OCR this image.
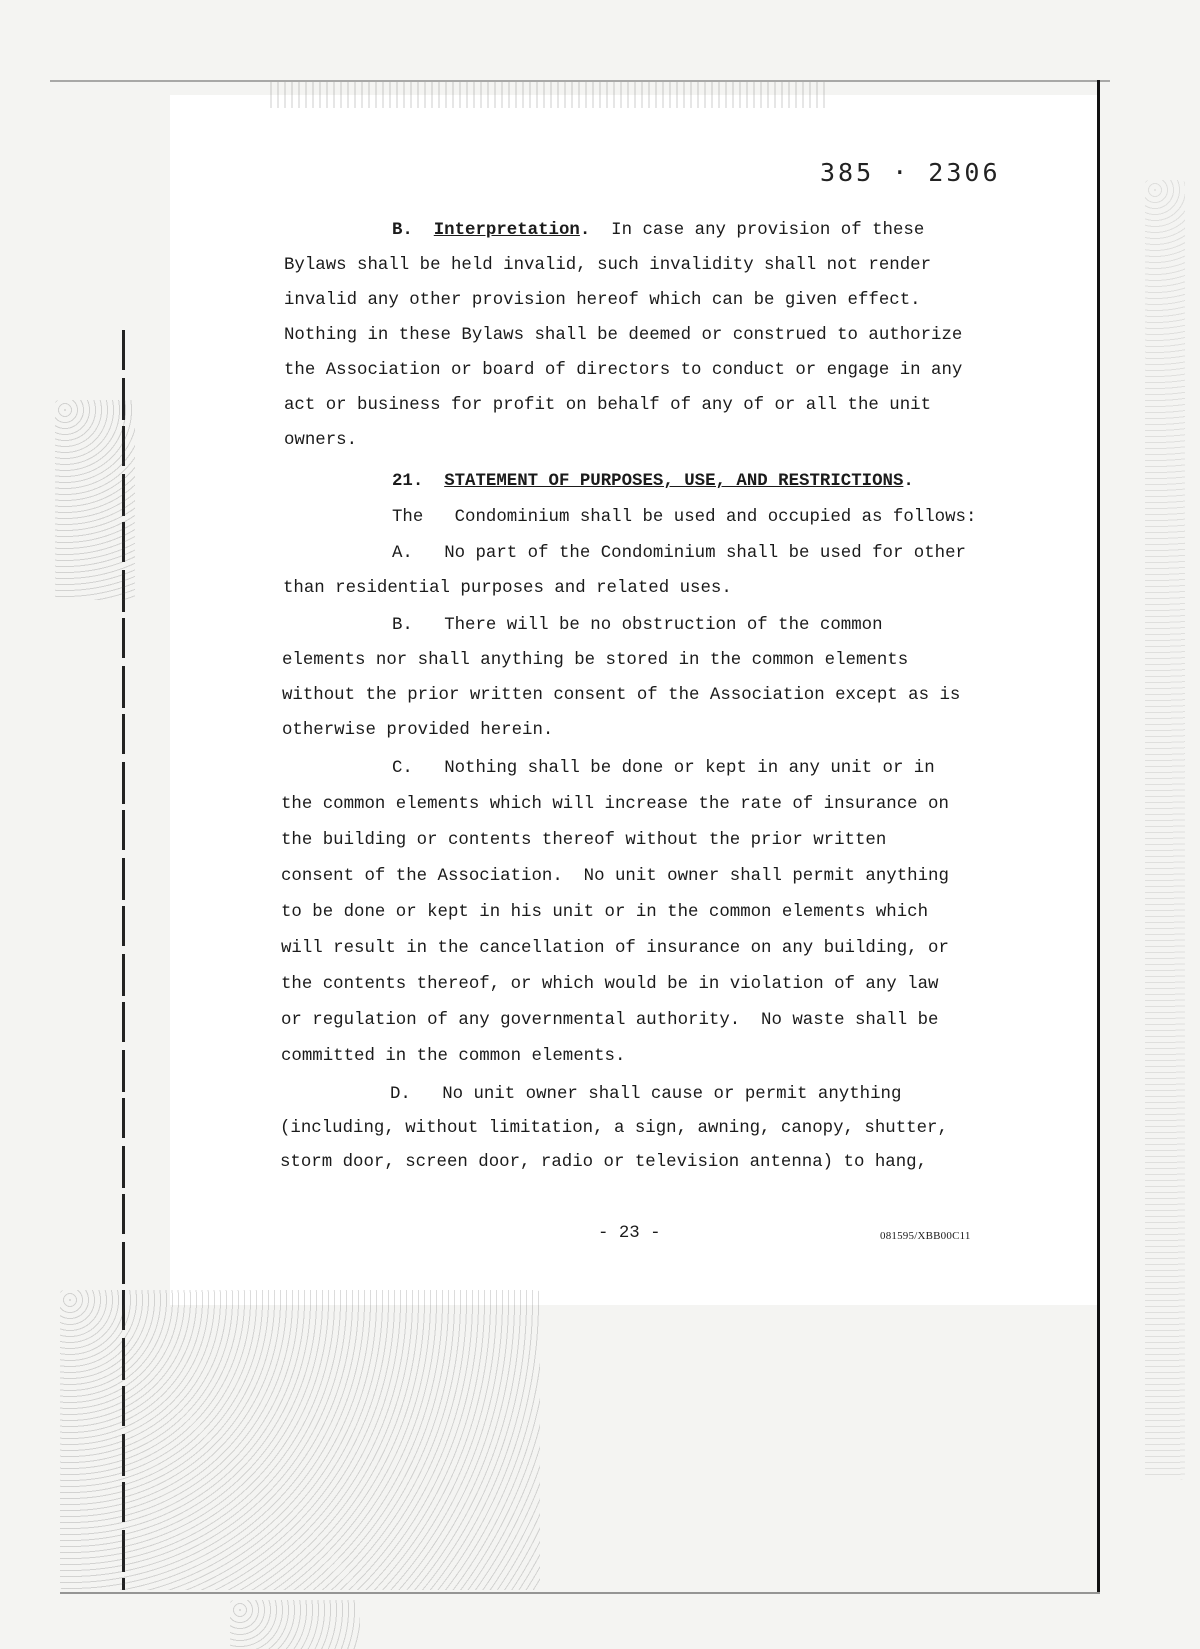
385 · 2306
B. Interpretation. In case any provision of these
Bylaws shall be held invalid, such invalidity shall not render
invalid any other provision hereof which can be given effect.
Nothing in these Bylaws shall be deemed or construed to authorize
the Association or board of directors to conduct or engage in any
act or business for profit on behalf of any of or all the unit
owners.
21. STATEMENT OF PURPOSES, USE, AND RESTRICTIONS.
The   Condominium shall be used and occupied as follows:
A. No part of the Condominium shall be used for other
than residential purposes and related uses.
B. There will be no obstruction of the common
elements nor shall anything be stored in the common elements
without the prior written consent of the Association except as is
otherwise provided herein.
C. Nothing shall be done or kept in any unit or in
the common elements which will increase the rate of insurance on
the building or contents thereof without the prior written
consent of the Association.  No unit owner shall permit anything
to be done or kept in his unit or in the common elements which
will result in the cancellation of insurance on any building, or
the contents thereof, or which would be in violation of any law
or regulation of any governmental authority.  No waste shall be
committed in the common elements.
D. No unit owner shall cause or permit anything
(including, without limitation, a sign, awning, canopy, shutter,
storm door, screen door, radio or television antenna) to hang,
- 23 -	081595/XBB00C11
